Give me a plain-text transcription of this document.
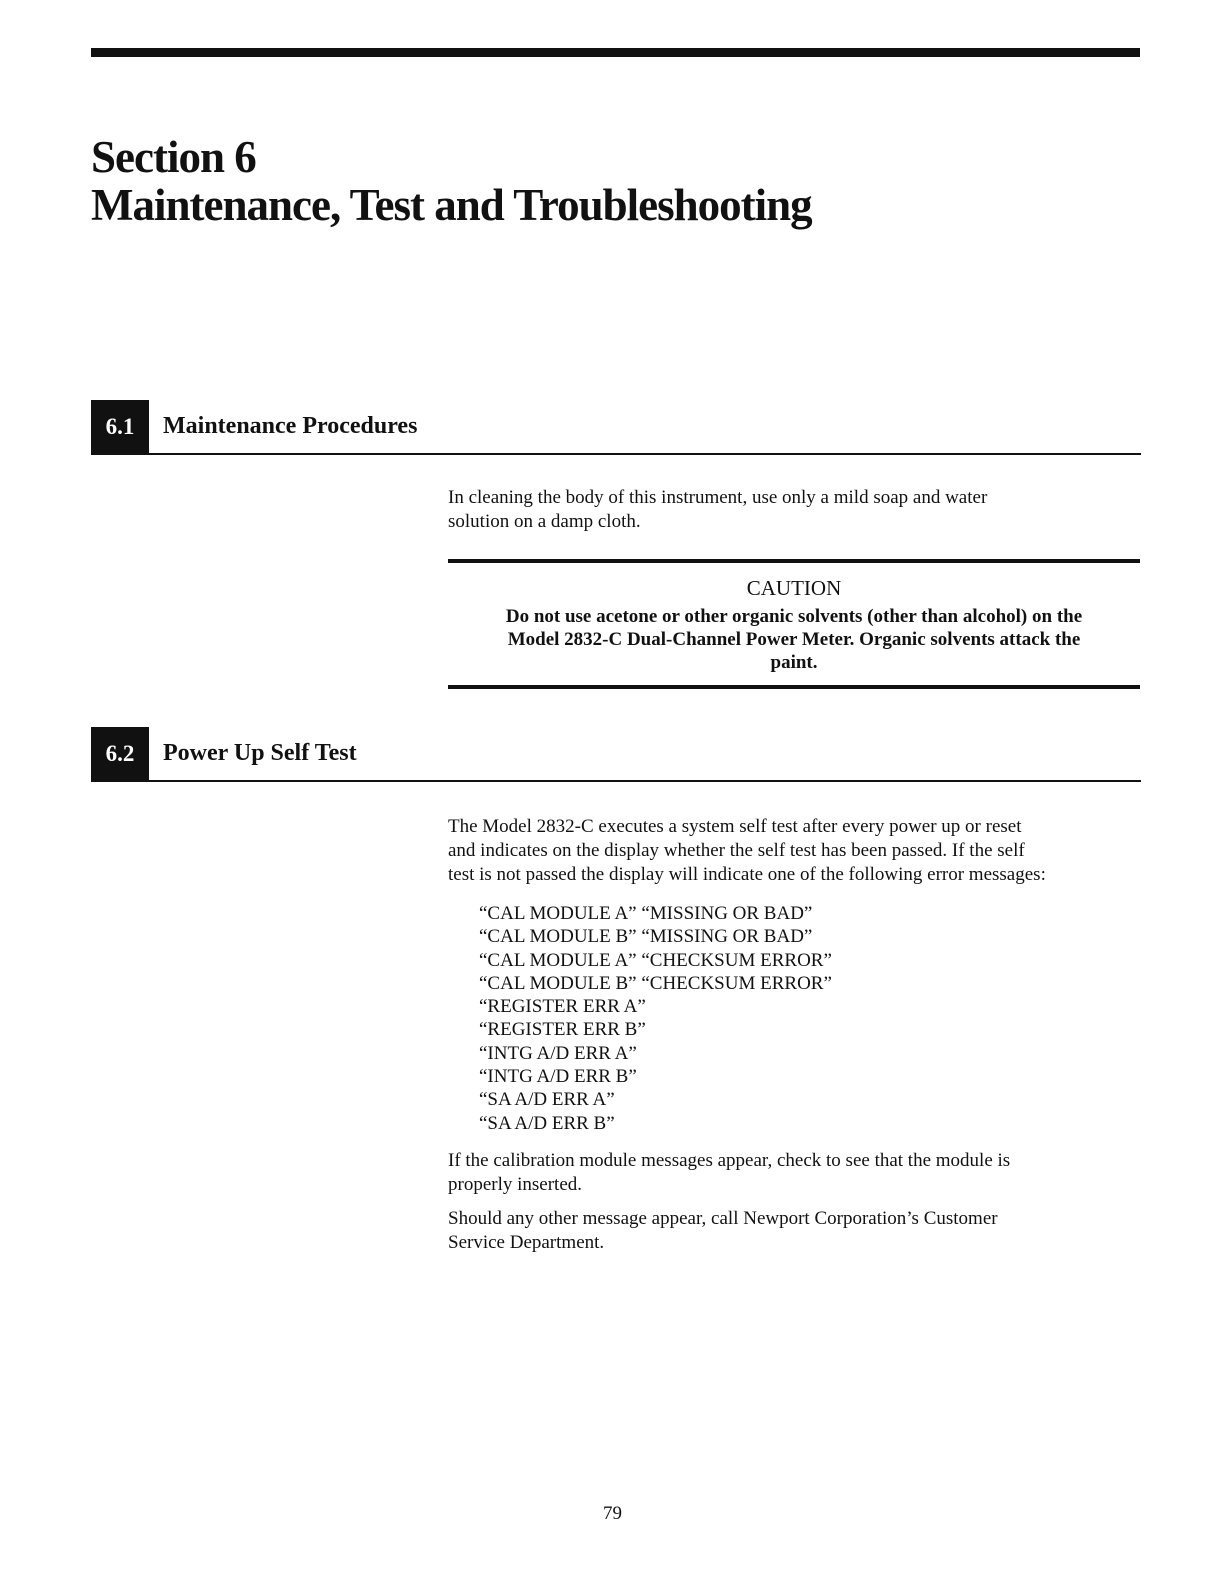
Section 6
Maintenance, Test and Troubleshooting
6.1	Maintenance Procedures
In cleaning the body of this instrument, use only a mild soap and water
solution on a damp cloth.
CAUTION
Do not use acetone or other organic solvents (other than alcohol) on the
Model 2832-C Dual-Channel Power Meter. Organic solvents attack the
paint.
6.2	Power Up Self Test
The Model 2832-C executes a system self test after every power up or reset
and indicates on the display whether the self test has been passed. If the self
test is not passed the display will indicate one of the following error messages:
“CAL MODULE A” “MISSING OR BAD”
“CAL MODULE B” “MISSING OR BAD”
“CAL MODULE A” “CHECKSUM ERROR”
“CAL MODULE B” “CHECKSUM ERROR”
“REGISTER ERR A”
“REGISTER ERR B”
“INTG A/D ERR A”
“INTG A/D ERR B”
“SA A/D ERR A”
“SA A/D ERR B”
If the calibration module messages appear, check to see that the module is
properly inserted.
Should any other message appear, call Newport Corporation’s Customer
Service Department.
79
